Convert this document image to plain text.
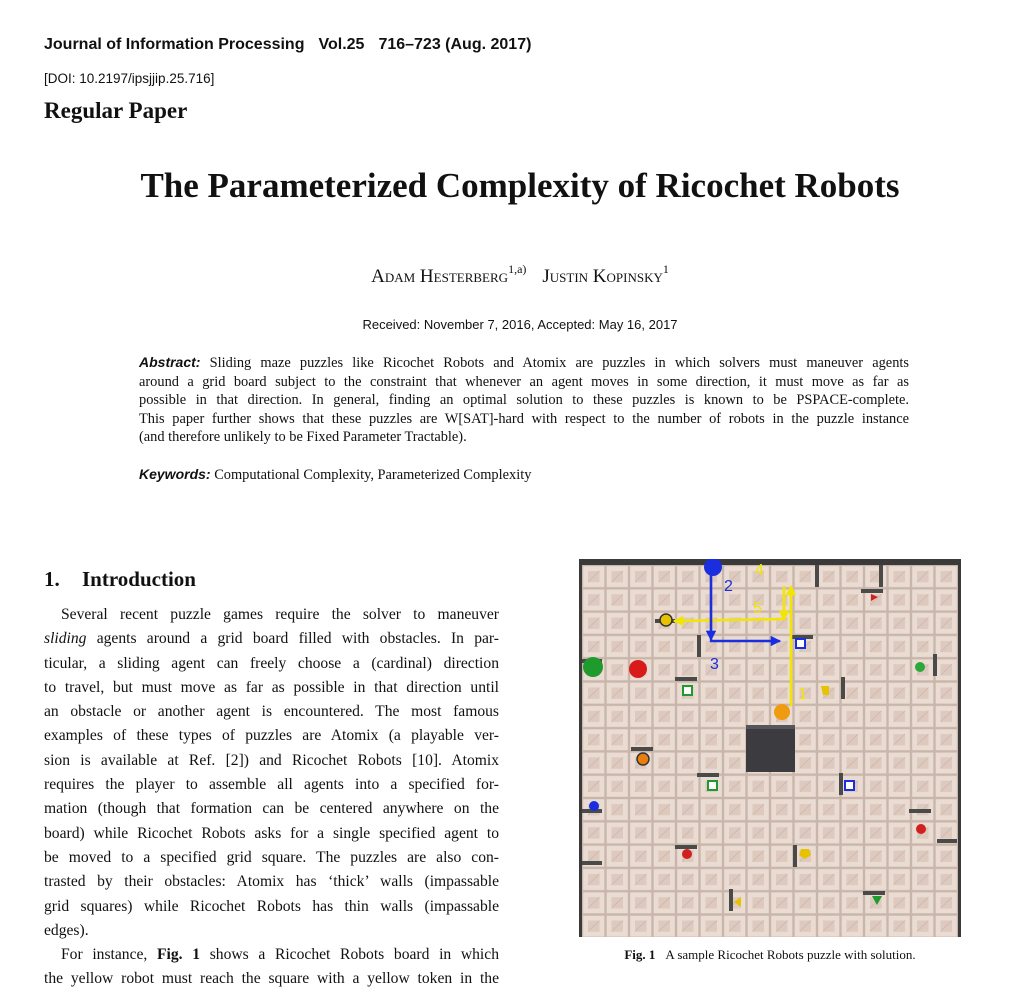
Journal of Information Processing Vol.25 716–723 (Aug. 2017)
[DOI: 10.2197/ipsjjip.25.716]
Regular Paper
The Parameterized Complexity of Ricochet Robots
Adam Hesterberg$^{1,a)}$ Justin Kopinsky$^1$
Received: November 7, 2016, Accepted: May 16, 2017
Abstract: Sliding maze puzzles like Ricochet Robots and Atomix are puzzles in which solvers must maneuver agents
around a grid board subject to the constraint that whenever an agent moves in some direction, it must move as far as
possible in that direction. In general, finding an optimal solution to these puzzles is known to be PSPACE-complete.
This paper further shows that these puzzles are W[SAT]-hard with respect to the number of robots in the puzzle instance
(and therefore unlikely to be Fixed Parameter Tractable).
Keywords: Computational Complexity, Parameterized Complexity
1. Introduction
Several recent puzzle games require the solver to maneuver
sliding agents around a grid board filled with obstacles. In par-
ticular, a sliding agent can freely choose a (cardinal) direction
to travel, but must move as far as possible in that direction until
an obstacle or another agent is encountered. The most famous
examples of these types of puzzles are Atomix (a playable ver-
sion is available at Ref. [2]) and Ricochet Robots [10]. Atomix
requires the player to assemble all agents into a specified for-
mation (though that formation can be centered anywhere on the
board) while Ricochet Robots asks for a single specified agent to
be moved to a specified grid square. The puzzles are also con-
trasted by their obstacles: Atomix has ‘thick’ walls (impassable
grid squares) while Ricochet Robots has thin walls (impassable
edges).
For instance, Fig. 1 shows a Ricochet Robots board in which
the yellow robot must reach the square with a yellow token in the
1
2
3
4
5
Fig. 1 A sample Ricochet Robots puzzle with solution.
